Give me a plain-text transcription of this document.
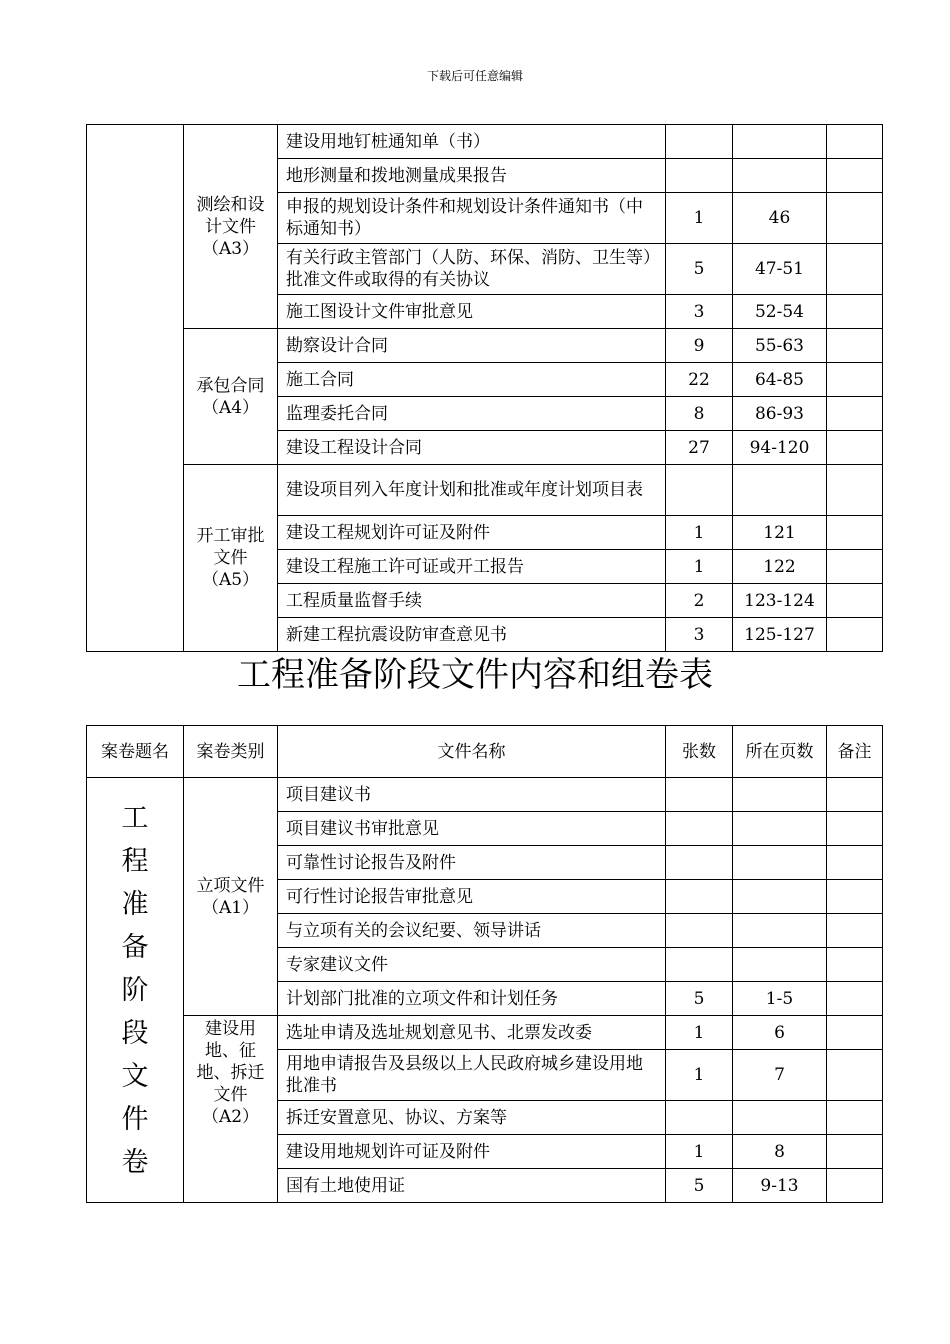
下载后可任意编辑
	测绘和设计文件（A3）	建设用地钉桩通知单（书）			
		地形测量和拨地测量成果报告			
		申报的规划设计条件和规划设计条件通知书（中标通知书）	1	46	
		有关行政主管部门（人防、环保、消防、卫生等）批准文件或取得的有关协议	5	47-51	
		施工图设计文件审批意见	3	52-54	
	承包合同（A4）	勘察设计合同	9	55-63	
		施工合同	22	64-85	
		监理委托合同	8	86-93	
		建设工程设计合同	27	94-120	
	开工审批文件（A5）	建设项目列入年度计划和批准或年度计划项目表			
		建设工程规划许可证及附件	1	121	
		建设工程施工许可证或开工报告	1	122	
		工程质量监督手续	2	123-124	
		新建工程抗震设防审查意见书	3	125-127	
工程准备阶段文件内容和组卷表
案卷题名	案卷类别	文件名称	张数	所在页数	备注

工程准备阶段文件卷	立项文件（A1）	项目建议书			
		项目建议书审批意见			
		可靠性讨论报告及附件			
		可行性讨论报告审批意见			
		与立项有关的会议纪要、领导讲话			
		专家建议文件			
		计划部门批准的立项文件和计划任务	5	1-5	
	建设用地、征地、拆迁文件（A2）	选址申请及选址规划意见书、北票发改委	1	6	
		用地申请报告及县级以上人民政府城乡建设用地批准书	1	7	
		拆迁安置意见、协议、方案等			
		建设用地规划许可证及附件	1	8	
		国有土地使用证	5	9-13	
